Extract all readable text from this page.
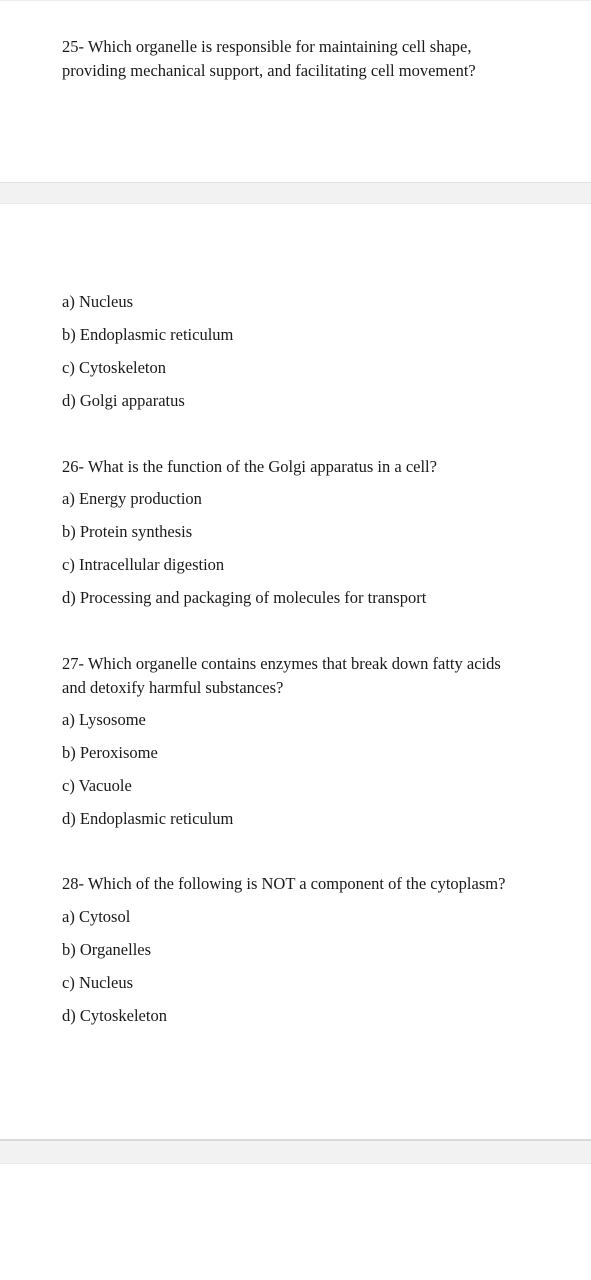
25- Which organelle is responsible for maintaining cell shape,
providing mechanical support, and facilitating cell movement?
a) Nucleus
b) Endoplasmic reticulum
c) Cytoskeleton
d) Golgi apparatus
26- What is the function of the Golgi apparatus in a cell?
a) Energy production
b) Protein synthesis
c) Intracellular digestion
d) Processing and packaging of molecules for transport
27- Which organelle contains enzymes that break down fatty acids
and detoxify harmful substances?
a) Lysosome
b) Peroxisome
c) Vacuole
d) Endoplasmic reticulum
28- Which of the following is NOT a component of the cytoplasm?
a) Cytosol
b) Organelles
c) Nucleus
d) Cytoskeleton
